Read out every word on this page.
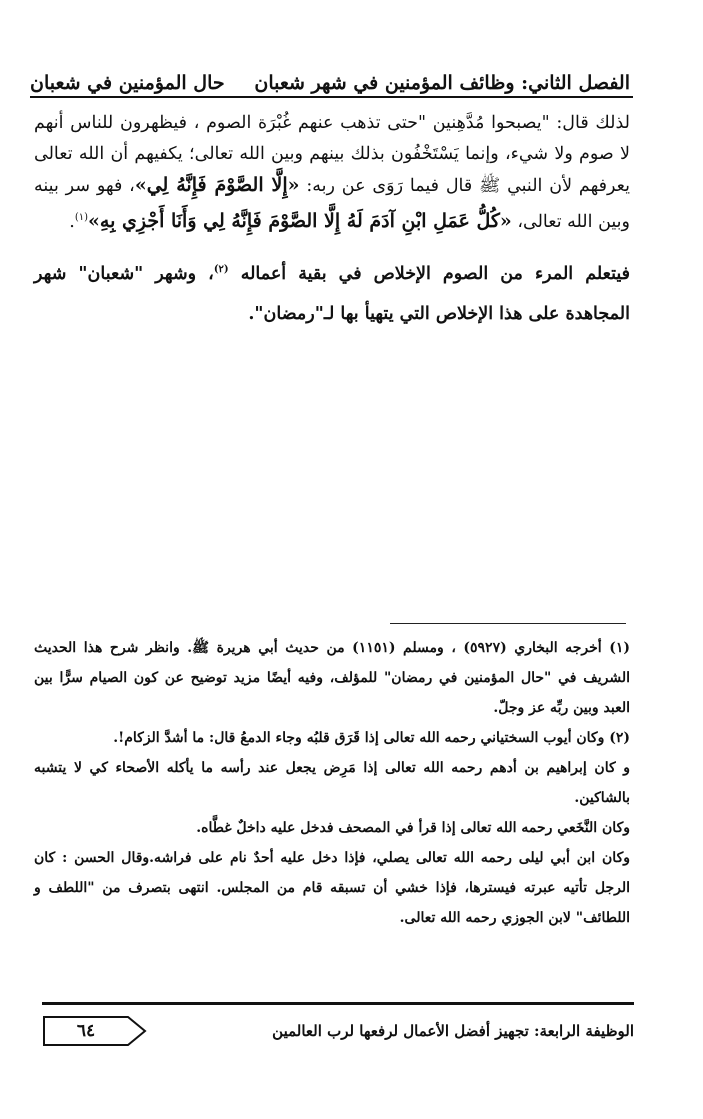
الفصل الثاني: وظائف المؤمنين في شهر شعبان
حال المؤمنين في شعبان

لذلك قال: "يصبحوا مُدَّهِنين "حتى تذهب عنهم غُبْرَة الصوم ، فيظهرون للناس أنهم لا صوم ولا شيء، وإنما يَسْتَخْفُون بذلك بينهم وبين الله تعالى؛ يكفيهم أن الله تعالى يعرفهم لأن النبي ﷺ قال فيما رَوَى عن ربه: «إِلَّا الصَّوْمَ فَإِنَّهُ لِي»، فهو سر بينه وبين الله تعالى، «كُلُّ عَمَلِ ابْنِ آدَمَ لَهُ إِلَّا الصَّوْمَ فَإِنَّهُ لِي وَأَنَا أَجْزِي بِهِ»$^{(١)}$.

فيتعلم المرء من الصوم الإخلاص في بقية أعماله $^{(٢)}$، وشهر "شعبان" شهر المجاهدة على هذا الإخلاص التي يتهيأ بها لـ"رمضان".

(١) أخرجه البخاري (٥٩٢٧) ، ومسلم (١١٥١) من حديث أبي هريرة ﷺ. وانظر شرح هذا الحديث الشريف في "حال المؤمنين في رمضان" للمؤلف، وفيه أيضًا مزيد توضيح عن كون الصيام سرًّا بين العبد وبين ربِّه عز وجلّ.

(٢) وكان أيوب السختياني رحمه الله تعالى إذا قَرَق قلبُه وجاء الدمعُ قال: ما أشدَّ الزكام!.

و كان إبراهيم بن أدهم رحمه الله تعالى إذا مَرِض يجعل عند رأسه ما يأكله الأصحاء كي لا يتشبه بالشاكين.

وكان النَّخَعي رحمه الله تعالى إذا قرأ في المصحف فدخل عليه داخلٌ غطَّاه.

وكان ابن أبي ليلى رحمه الله تعالى يصلي، فإذا دخل عليه أحدٌ نام على فراشه.وقال الحسن : كان الرجل تأتيه عبرته فيسترها، فإذا خشي أن تسبقه قام من المجلس. انتهى بتصرف من "اللطف و اللطائف" لابن الجوزي رحمه الله تعالى.

الوظيفة الرابعة: تجهيز أفضل الأعمال لرفعها لرب العالمين
٦٤
